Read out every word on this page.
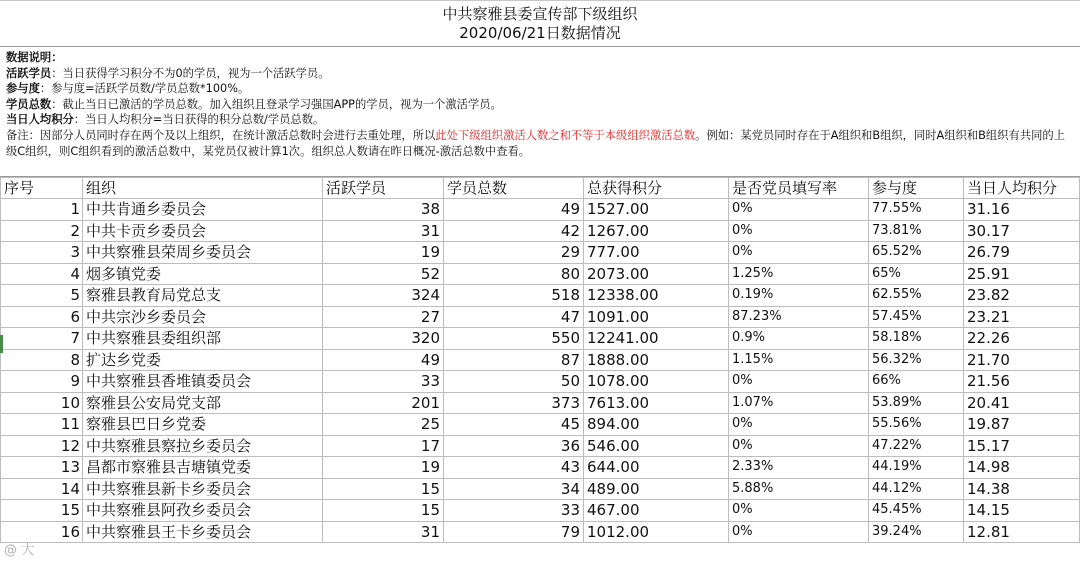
中共察雅县委宣传部下级组织
2020/06/21日数据情况
数据说明：
活跃学员：当日获得学习积分不为0的学员，视为一个活跃学员。
参与度：参与度=活跃学员数/学员总数*100%。
学员总数：截止当日已激活的学员总数。加入组织且登录学习强国APP的学员，视为一个激活学员。
当日人均积分：当日人均积分=当日获得的积分总数/学员总数。
备注：因部分人员同时存在两个及以上组织，在统计激活总数时会进行去重处理，所以此处下级组织激活人数之和不等于本级组织激活总数。例如：某党员同时存在于A组织和B组织，同时A组织和B组织有共同的上级C组织，则C组织看到的激活总数中，某党员仅被计算1次。组织总人数请在昨日概况-激活总数中查看。
序号	组织	活跃学员	学员总数	总获得积分	是否党员填写率	参与度	当日人均积分
1	中共肯通乡委员会	38	49	1527.00	0%	77.55%	31.16
2	中共卡贡乡委员会	31	42	1267.00	0%	73.81%	30.17
3	中共察雅县荣周乡委员会	19	29	777.00	0%	65.52%	26.79
4	烟多镇党委	52	80	2073.00	1.25%	65%	25.91
5	察雅县教育局党总支	324	518	12338.00	0.19%	62.55%	23.82
6	中共宗沙乡委员会	27	47	1091.00	87.23%	57.45%	23.21
7	中共察雅县委组织部	320	550	12241.00	0.9%	58.18%	22.26
8	扩达乡党委	49	87	1888.00	1.15%	56.32%	21.70
9	中共察雅县香堆镇委员会	33	50	1078.00	0%	66%	21.56
10	察雅县公安局党支部	201	373	7613.00	1.07%	53.89%	20.41
11	察雅县巴日乡党委	25	45	894.00	0%	55.56%	19.87
12	中共察雅县察拉乡委员会	17	36	546.00	0%	47.22%	15.17
13	昌都市察雅县吉塘镇党委	19	43	644.00	2.33%	44.19%	14.98
14	中共察雅县新卡乡委员会	15	34	489.00	5.88%	44.12%	14.38
15	中共察雅县阿孜乡委员会	15	33	467.00	0%	45.45%	14.15
16	中共察雅县王卡乡委员会	31	79	1012.00	0%	39.24%	12.81
@ 大
